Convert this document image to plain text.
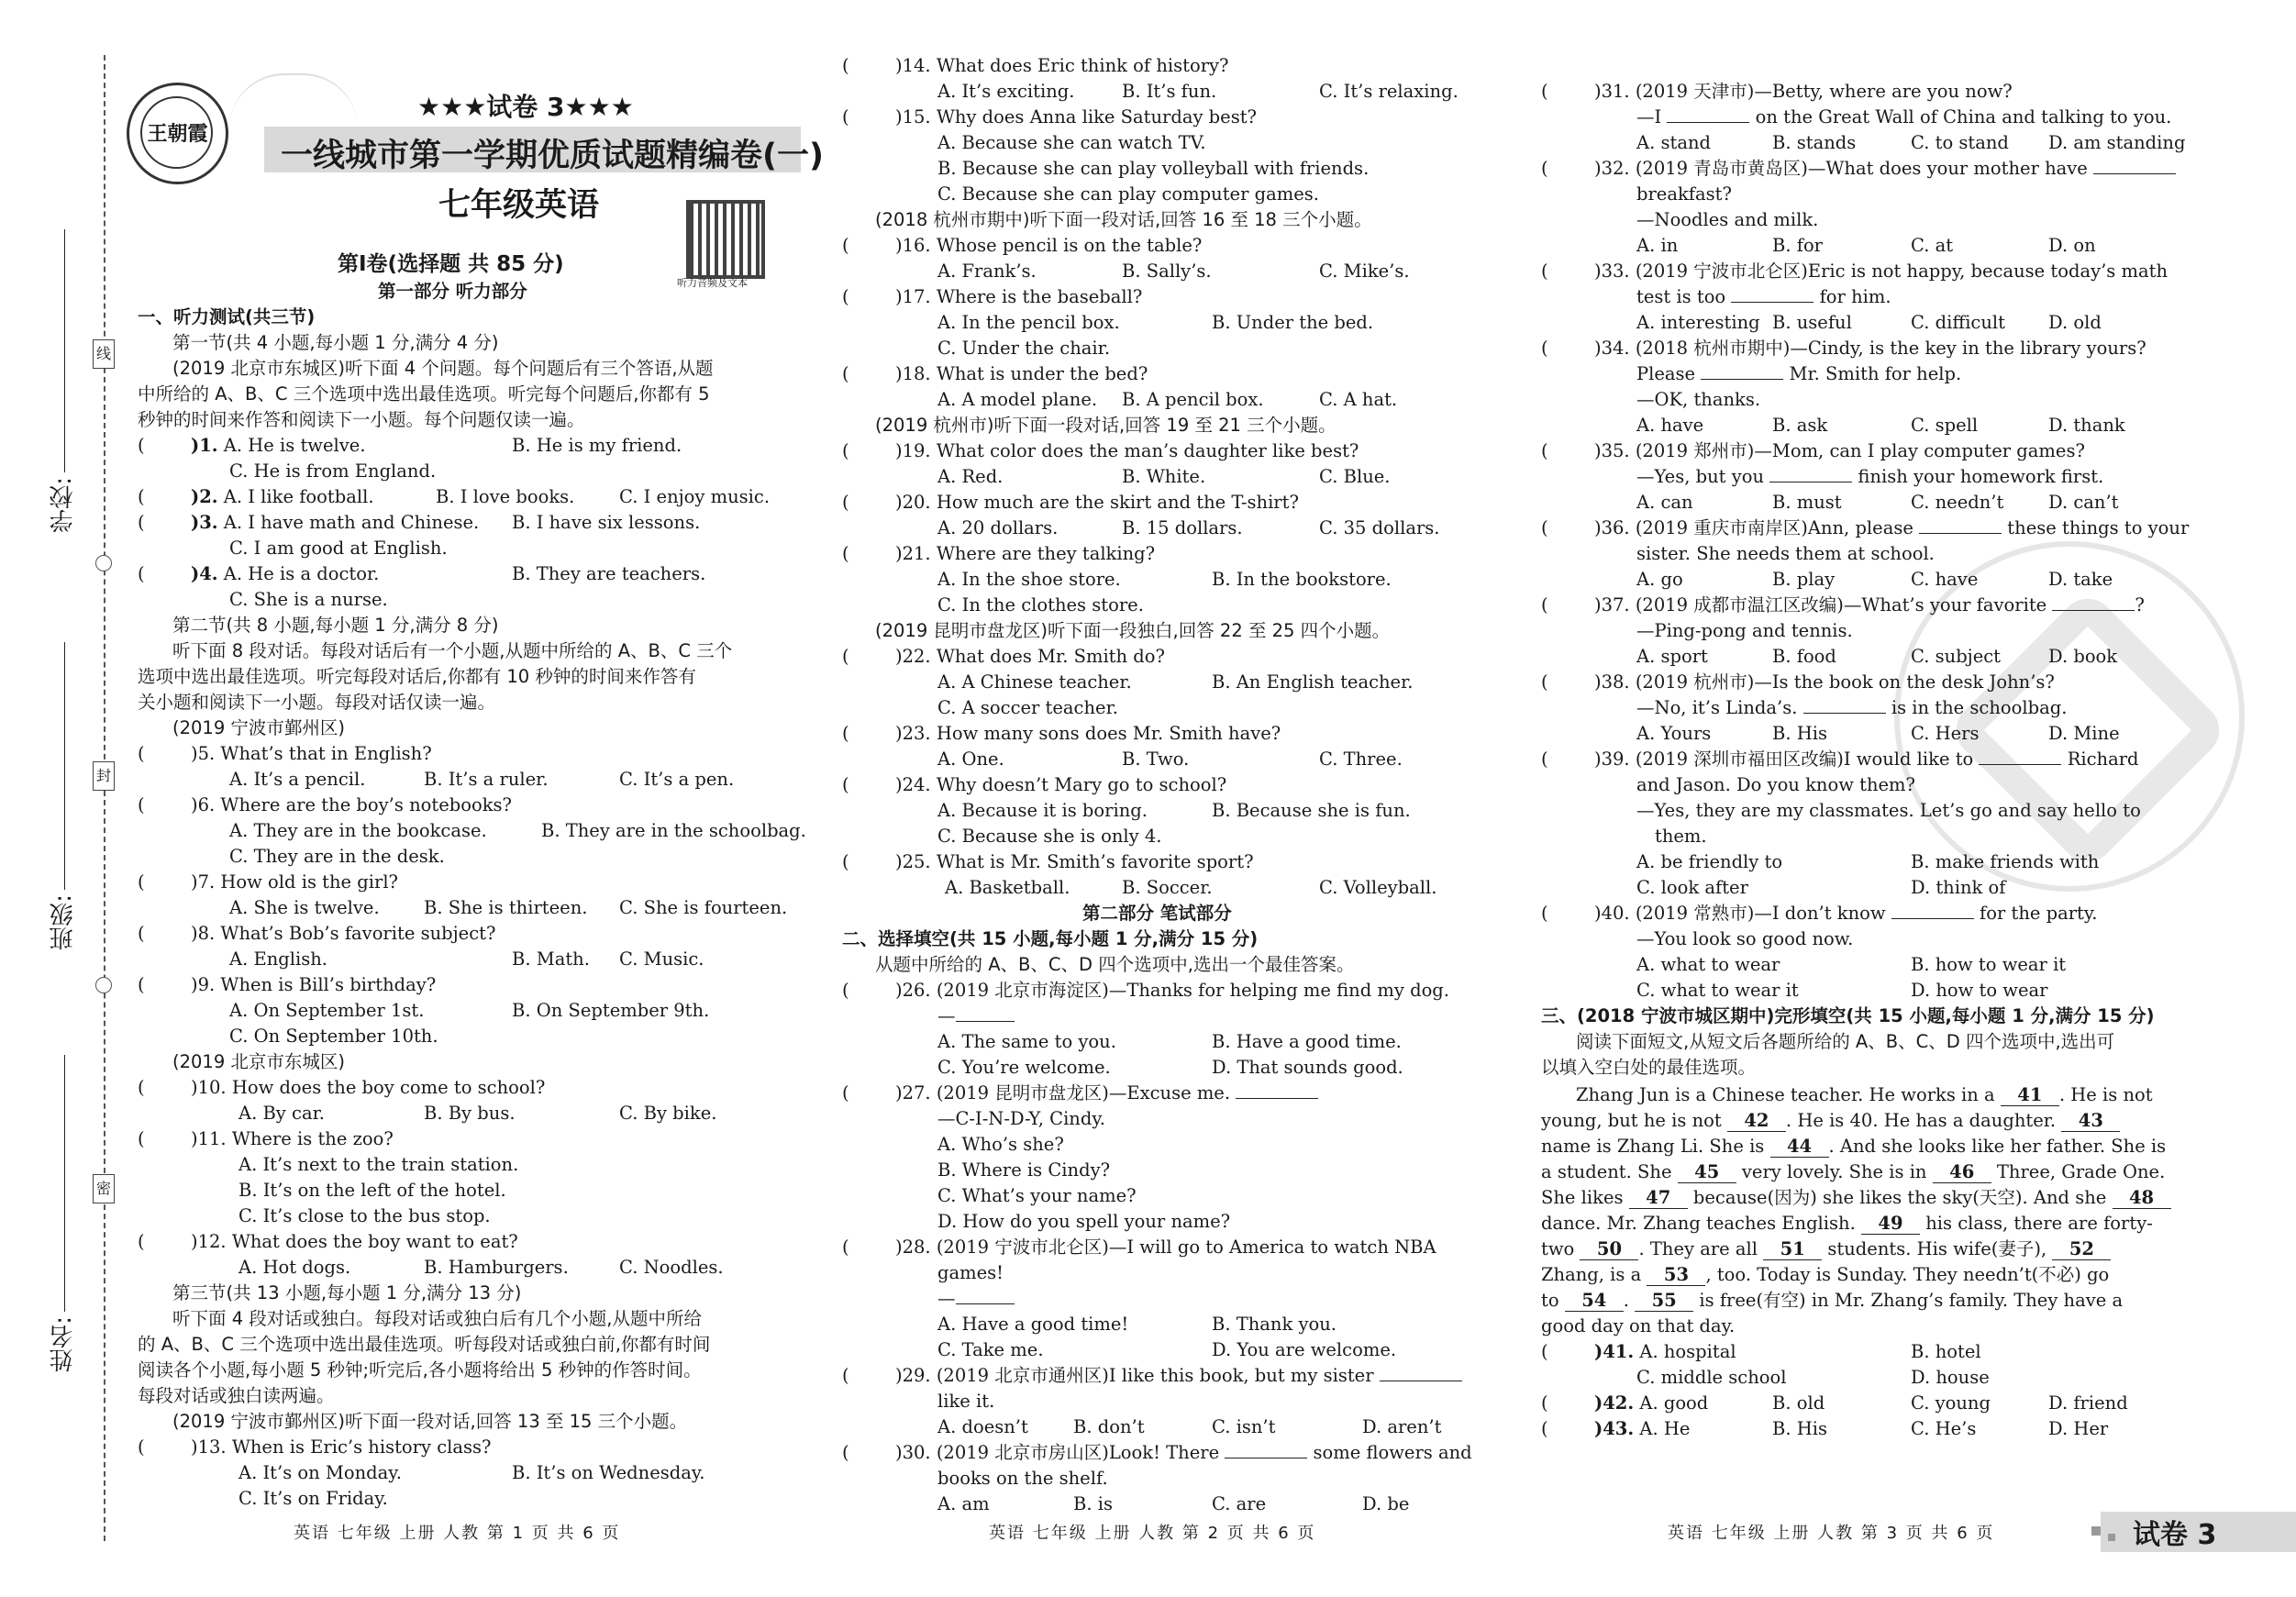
线
封
密
学校:
班级:
姓名:
王朝霞
★★★试卷 3★★★
一线城市第一学期优质试题精编卷(一)
七年级英语
听力音频及文本
第Ⅰ卷(选择题 共 85 分)
第一部分 听力部分
一、听力测试(共三节)
第一节(共 4 小题,每小题 1 分,满分 4 分)
(2019 北京市东城区)听下面 4 个问题。每个问题后有三个答语,从题
中所给的 A、B、C 三个选项中选出最佳选项。听完每个问题后,你都有 5
秒钟的时间来作答和阅读下一小题。每个问题仅读一遍。
(	)1. A. He is twelve.	B. He is my friend.
C. He is from England.
(	)2. A. I like football.	B. I love books. C. I enjoy music.
(	)3. A. I have math and Chinese. B. I have six lessons.
C. I am good at English.
(	)4. A. He is a doctor.	B. They are teachers.
C. She is a nurse.
第二节(共 8 小题,每小题 1 分,满分 8 分)
听下面 8 段对话。每段对话后有一个小题,从题中所给的 A、B、C 三个
选项中选出最佳选项。听完每段对话后,你都有 10 秒钟的时间来作答有
关小题和阅读下一小题。每段对话仅读一遍。
(2019 宁波市鄞州区)
(	)5. What’s that in English?
A. It’s a pencil.	B. It’s a ruler.	C. It’s a pen.
(	)6. Where are the boy’s notebooks?
A. They are in the bookcase.	B. They are in the schoolbag.
C. They are in the desk.
(	)7. How old is the girl?
A. She is twelve. B. She is thirteen. C. She is fourteen.
(	)8. What’s Bob’s favorite subject?
A. English.	B. Math. C. Music.
(	)9. When is Bill’s birthday?
A. On September 1st.	B. On September 9th.
C. On September 10th.
(2019 北京市东城区)
(	)10. How does the boy come to school?
A. By car.	B. By bus.	C. By bike.
(	)11. Where is the zoo?
A. It’s next to the train station.
B. It’s on the left of the hotel.
C. It’s close to the bus stop.
(	)12. What does the boy want to eat?
A. Hot dogs.	B. Hamburgers.	C. Noodles.
第三节(共 13 小题,每小题 1 分,满分 13 分)
听下面 4 段对话或独白。每段对话或独白后有几个小题,从题中所给
的 A、B、C 三个选项中选出最佳选项。听每段对话或独白前,你都有时间
阅读各个小题,每小题 5 秒钟;听完后,各小题将给出 5 秒钟的作答时间。
每段对话或独白读两遍。
(2019 宁波市鄞州区)听下面一段对话,回答 13 至 15 三个小题。
(	)13. When is Eric’s history class?
A. It’s on Monday.	B. It’s on Wednesday.
C. It’s on Friday.
英语 七年级 上册 人教 第 1 页 共 6 页
(	)14. What does Eric think of history?
A. It’s exciting.	B. It’s fun.	C. It’s relaxing.
(	)15. Why does Anna like Saturday best?
A. Because she can watch TV.
B. Because she can play volleyball with friends.
C. Because she can play computer games.
(2018 杭州市期中)听下面一段对话,回答 16 至 18 三个小题。
(	)16. Whose pencil is on the table?
A. Frank’s.	B. Sally’s.	C. Mike’s.
(	)17. Where is the baseball?
A. In the pencil box.	B. Under the bed.
C. Under the chair.
(	)18. What is under the bed?
A. A model plane. B. A pencil box.	C. A hat.
(2019 杭州市)听下面一段对话,回答 19 至 21 三个小题。
(	)19. What color does the man’s daughter like best?
A. Red.	B. White.	C. Blue.
(	)20. How much are the skirt and the T-shirt?
A. 20 dollars.	B. 15 dollars.	C. 35 dollars.
(	)21. Where are they talking?
A. In the shoe store.	B. In the bookstore.
C. In the clothes store.
(2019 昆明市盘龙区)听下面一段独白,回答 22 至 25 四个小题。
(	)22. What does Mr. Smith do?
A. A Chinese teacher.	B. An English teacher.
C. A soccer teacher.
(	)23. How many sons does Mr. Smith have?
A. One.	B. Two.	C. Three.
(	)24. Why doesn’t Mary go to school?
A. Because it is boring.	B. Because she is fun.
C. Because she is only 4.
(	)25. What is Mr. Smith’s favorite sport?
A. Basketball.	B. Soccer.	C. Volleyball.
第二部分 笔试部分
二、选择填空(共 15 小题,每小题 1 分,满分 15 分)
从题中所给的 A、B、C、D 四个选项中,选出一个最佳答案。
(	)26. (2019 北京市海淀区)—Thanks for helping me find my dog.
—
A. The same to you.	B. Have a good time.
C. You’re welcome.	D. That sounds good.
(	)27. (2019 昆明市盘龙区)—Excuse me.
—C-I-N-D-Y, Cindy.
A. Who’s she?
B. Where is Cindy?
C. What’s your name?
D. How do you spell your name?
(	)28. (2019 宁波市北仑区)—I will go to America to watch NBA
games!
—
A. Have a good time!	B. Thank you.
C. Take me.	D. You are welcome.
(	)29. (2019 北京市通州区)I like this book, but my sister
like it.
A. doesn’t	B. don’t	C. isn’t	D. aren’t
(	)30. (2019 北京市房山区)Look! There	some flowers and
books on the shelf.
英语 七年级 上册 人教 第 2 页 共 6 页
(	)31. (2019 天津市)—Betty, where are you now?
—I	on the Great Wall of China and talking to you.
A. stand	B. stands	C. to stand D. am standing
(	)32. (2019 青岛市黄岛区)—What does your mother have
breakfast?
—Noodles and milk.
A. in	B. for	C. at	D. on
(	)33. (2019 宁波市北仑区)Eric is not happy, because today’s math
test is too	for him.
A. interesting B. useful	C. difficult D. old
(	)34. (2018 杭州市期中)—Cindy, is the key in the library yours?
Please	Mr. Smith for help.
—OK, thanks.
A. have	B. ask	C. spell	D. thank
(	)35. (2019 郑州市)—Mom, can I play computer games?
—Yes, but you	finish your homework first.
A. can	B. must	C. needn’t D. can’t
(	)36. (2019 重庆市南岸区)Ann, please	these things to your
sister. She needs them at school.
A. go	B. play	C. have	D. take
(	)37. (2019 成都市温江区改编)—What’s your favorite	?
—Ping-pong and tennis.
A. sport	B. food	C. subject	D. book
(	)38. (2019 杭州市)—Is the book on the desk John’s?
—No, it’s Linda’s.	is in the schoolbag.
A. Yours	B. His	C. Hers	D. Mine
(	)39. (2019 深圳市福田区改编)I would like to	Richard
and Jason. Do you know them?
—Yes, they are my classmates. Let’s go and say hello to
them.
A. be friendly to	B. make friends with
C. look after	D. think of
(	)40. (2019 常熟市)—I don’t know	for the party.
—You look so good now.
A. what to wear	B. how to wear it
C. what to wear it	D. how to wear
三、(2018 宁波市城区期中)完形填空(共 15 小题,每小题 1 分,满分 15 分)
阅读下面短文,从短文后各题所给的 A、B、C、D 四个选项中,选出可
以填入空白处的最佳选项。
Zhang Jun is a Chinese teacher. He works in a 41 . He is not
young, but he is not 42 . He is 40. He has a daughter. 43
name is Zhang Li. She is 44 . And she looks like her father. She is
a student. She 45 very lovely. She is in 46 Three, Grade One.
She likes 47 because(因为) she likes the sky(天空). And she 48
dance. Mr. Zhang teaches English. 49 his class, there are forty-
two 50 . They are all 51 students. His wife(妻子), 52
Zhang, is a 53 , too. Today is Sunday. They needn’t(不必) go
to 54 . 55 is free(有空) in Mr. Zhang’s family. They have a
good day on that day.
(	)41. A. hospital	B. hotel
C. middle school	D. house
(	)42. A. good	B. old	C. young	D. friend
(	)43. A. He	B. His	C. He’s	D. Her
英语 七年级 上册 人教 第 3 页 共 6 页	试卷 3
A. am	B. is	C. are	D. be
